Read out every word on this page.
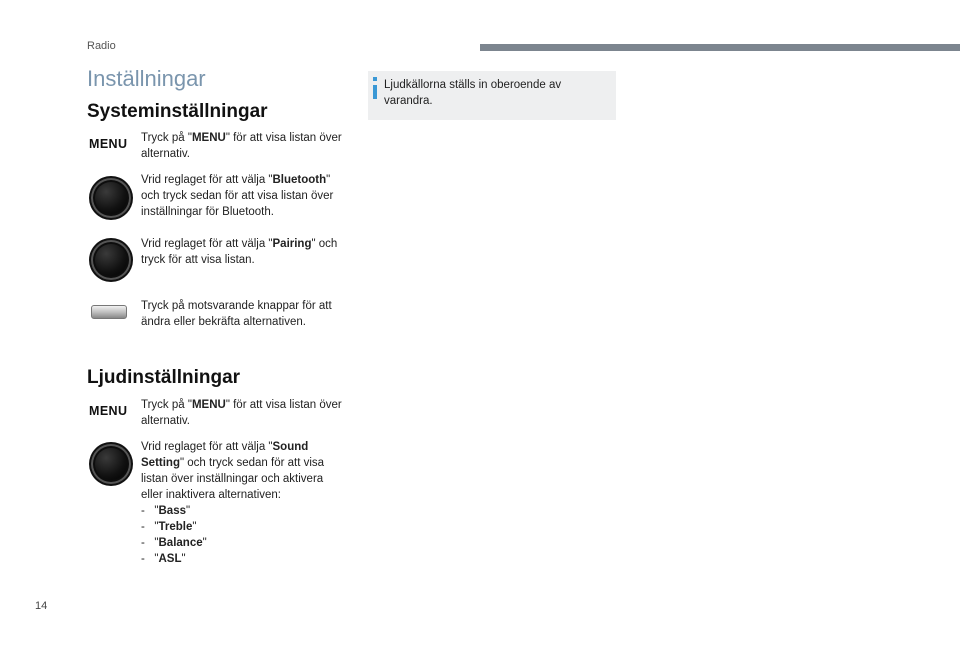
Radio
Inställningar
Systeminställningar
MENU Tryck på "MENU" för att visa listan över alternativ.
Vrid reglaget för att välja "Bluetooth" och tryck sedan för att visa listan över inställningar för Bluetooth.
Vrid reglaget för att välja "Pairing" och tryck för att visa listan.
Tryck på motsvarande knappar för att ändra eller bekräfta alternativen.
Ljudinställningar
MENU Tryck på "MENU" för att visa listan över alternativ.
Vrid reglaget för att välja "Sound Setting" och tryck sedan för att visa listan över inställningar och aktivera eller inaktivera alternativen:
-   "Bass"
-   "Treble"
-   "Balance"
-   "ASL"
Ljudkällorna ställs in oberoende av varandra.
14
